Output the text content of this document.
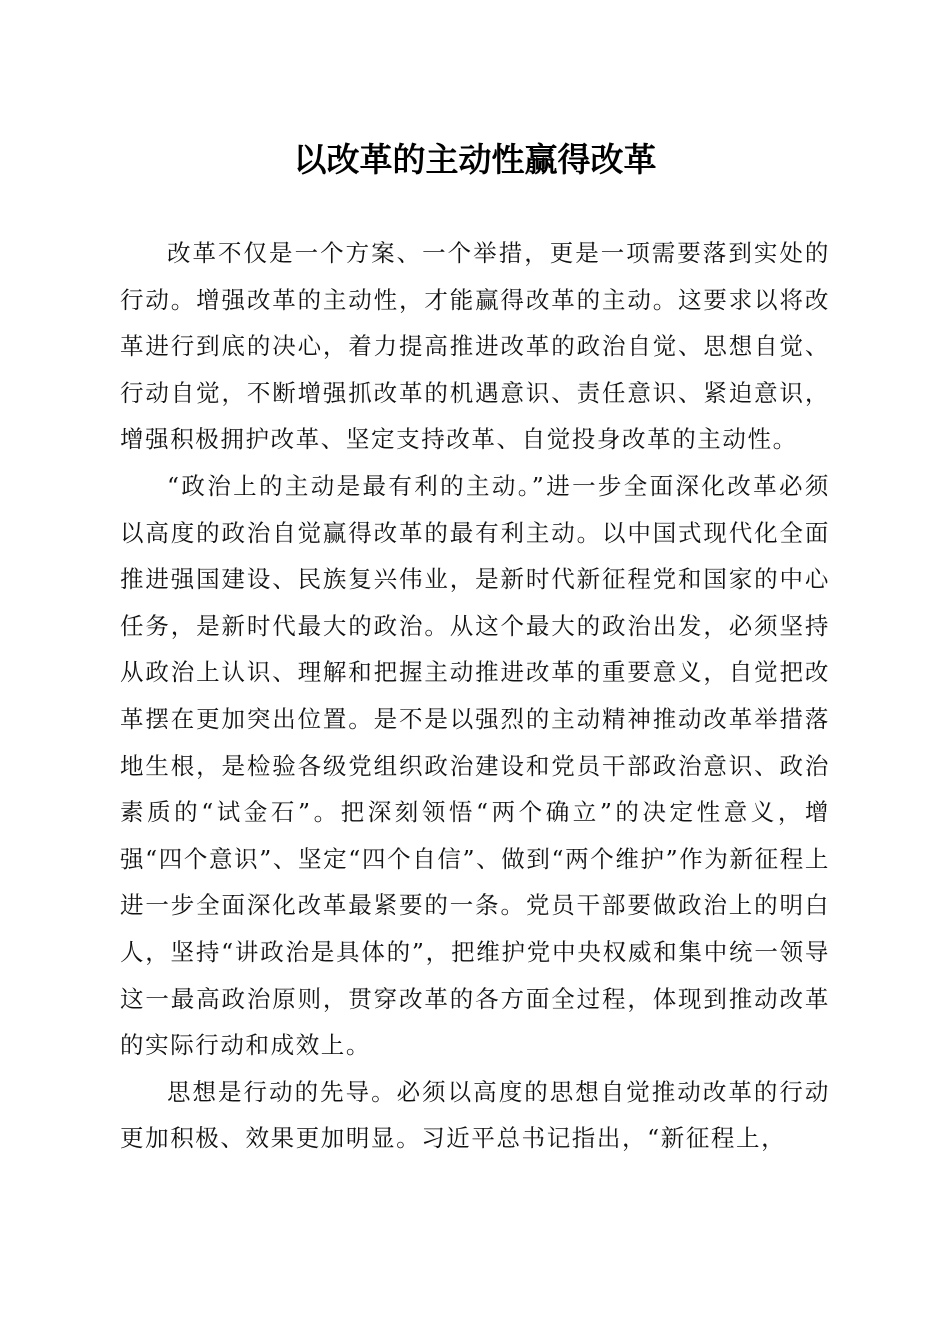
以改革的主动性赢得改革

改革不仅是一个方案、一个举措，更是一项需要落到实处的行动。增强改革的主动性，才能赢得改革的主动。这要求以将改革进行到底的决心，着力提高推进改革的政治自觉、思想自觉、行动自觉，不断增强抓改革的机遇意识、责任意识、紧迫意识，增强积极拥护改革、坚定支持改革、自觉投身改革的主动性。

“政治上的主动是最有利的主动。”进一步全面深化改革必须以高度的政治自觉赢得改革的最有利主动。以中国式现代化全面推进强国建设、民族复兴伟业，是新时代新征程党和国家的中心任务，是新时代最大的政治。从这个最大的政治出发，必须坚持从政治上认识、理解和把握主动推进改革的重要意义，自觉把改革摆在更加突出位置。是不是以强烈的主动精神推动改革举措落地生根，是检验各级党组织政治建设和党员干部政治意识、政治素质的“试金石”。把深刻领悟“两个确立”的决定性意义，增强“四个意识”、坚定“四个自信”、做到“两个维护”作为新征程上进一步全面深化改革最紧要的一条。党员干部要做政治上的明白人，坚持“讲政治是具体的”，把维护党中央权威和集中统一领导这一最高政治原则，贯穿改革的各方面全过程，体现到推动改革的实际行动和成效上。

思想是行动的先导。必须以高度的思想自觉推动改革的行动更加积极、效果更加明显。习近平总书记指出，“新征程上，
